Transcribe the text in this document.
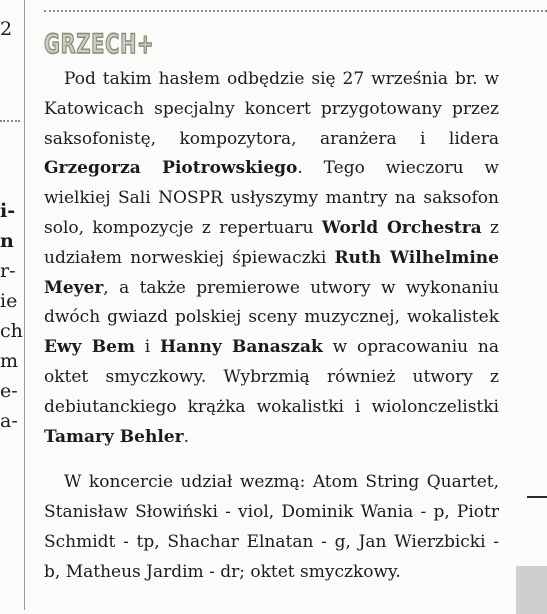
2
i-
n
r-
ie
ch
m
e-
a-
GRZECH+

Pod takim hasłem odbędzie się 27 września br. w Katowicach specjalny koncert przygotowany przez saksofonistę, kompozytora, aranżera i lidera Grzegorza Piotrowskiego. Tego wieczoru w wielkiej Sali NOSPR usłyszymy mantry na saksofon solo, kompozycje z repertuaru World Orchestra z udziałem norweskiej śpiewaczki Ruth Wilhelmine Meyer, a także premierowe utwory w wykonaniu dwóch gwiazd polskiej sceny muzycznej, wokalistek Ewy Bem i Hanny Banaszak w opracowaniu na oktet smyczkowy. Wybrzmią również utwory z debiutanckiego krążka wokalistki i wiolonczelistki Tamary Behler.

W koncercie udział wezmą: Atom String Quartet, Stanisław Słowiński - viol, Dominik Wania - p, Piotr Schmidt - tp, Shachar Elnatan - g, Jan Wierzbicki - b, Matheus Jardim - dr; oktet smyczkowy.
